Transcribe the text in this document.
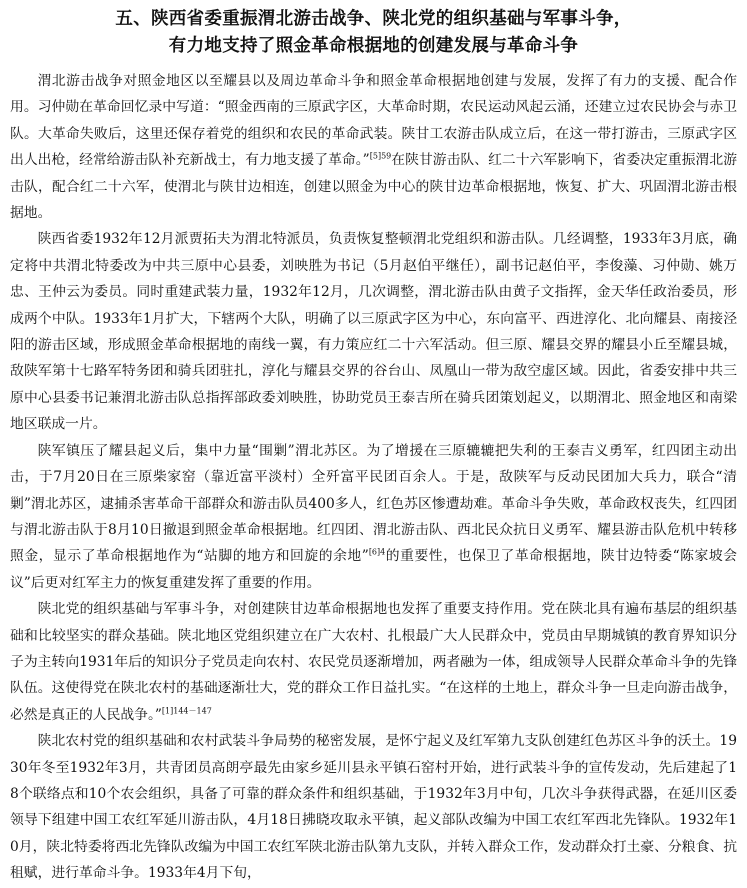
五、陕西省委重振渭北游击战争、陕北党的组织基础与军事斗争，
有力地支持了照金革命根据地的创建发展与革命斗争

渭北游击战争对照金地区以至耀县以及周边革命斗争和照金革命根据地创建与发展，发挥了有力的支援、配合作用。习仲勋在革命回忆录中写道：“照金西南的三原武字区，大革命时期，农民运动风起云涌，还建立过农民协会与赤卫队。大革命失败后，这里还保存着党的组织和农民的革命武装。陕甘工农游击队成立后，在这一带打游击，三原武字区出人出枪，经常给游击队补充新战士，有力地支援了革命。”$^{[5]59}$在陕甘游击队、红二十六军影响下，省委决定重振渭北游击队，配合红二十六军，使渭北与陕甘边相连，创建以照金为中心的陕甘边革命根据地，恢复、扩大、巩固渭北游击根据地。

陕西省委1932年12月派贾拓夫为渭北特派员，负责恢复整顿渭北党组织和游击队。几经调整，1933年3月底，确定将中共渭北特委改为中共三原中心县委，刘映胜为书记（5月赵伯平继任），副书记赵伯平，李俊藻、习仲勋、姚万忠、王仲云为委员。同时重建武装力量，1932年12月，几次调整，渭北游击队由黄子文指挥，金天华任政治委员，形成两个中队。1933年1月扩大，下辖两个大队，明确了以三原武字区为中心，东向富平、西进淳化、北向耀县、南接泾阳的游击区域，形成照金革命根据地的南线一翼，有力策应红二十六军活动。但三原、耀县交界的耀县小丘至耀县城，敌陕军第十七路军特务团和骑兵团驻扎，淳化与耀县交界的谷台山、凤凰山一带为敌空虚区域。因此，省委安排中共三原中心县委书记兼渭北游击队总指挥部政委刘映胜，协助党员王泰吉所在骑兵团策划起义，以期渭北、照金地区和南梁地区联成一片。

陕军镇压了耀县起义后，集中力量“围剿”渭北苏区。为了增援在三原辘辘把失利的王泰吉义勇军，红四团主动出击，于7月20日在三原柴家窑（靠近富平淡村）全歼富平民团百余人。于是，敌陕军与反动民团加大兵力，联合“清剿”渭北苏区，逮捕杀害革命干部群众和游击队员400多人，红色苏区惨遭劫难。革命斗争失败，革命政权丧失，红四团与渭北游击队于8月10日撤退到照金革命根据地。红四团、渭北游击队、西北民众抗日义勇军、耀县游击队危机中转移照金，显示了革命根据地作为“站脚的地方和回旋的余地”$^{[6]4}$的重要性，也保卫了革命根据地，陕甘边特委“陈家坡会议”后更对红军主力的恢复重建发挥了重要的作用。

陕北党的组织基础与军事斗争，对创建陕甘边革命根据地也发挥了重要支持作用。党在陕北具有遍布基层的组织基础和比较坚实的群众基础。陕北地区党组织建立在广大农村、扎根最广大人民群众中，党员由早期城镇的教育界知识分子为主转向1931年后的知识分子党员走向农村、农民党员逐渐增加，两者融为一体，组成领导人民群众革命斗争的先锋队伍。这使得党在陕北农村的基础逐渐壮大，党的群众工作日益扎实。“在这样的土地上，群众斗争一旦走向游击战争，必然是真正的人民战争。”$^{[1]144-147}$

陕北农村党的组织基础和农村武装斗争局势的秘密发展，是怀宁起义及红军第九支队创建红色苏区斗争的沃土。1930年冬至1932年3月，共青团员高朗亭最先由家乡延川县永平镇石窑村开始，进行武装斗争的宣传发动，先后建起了18个联络点和10个农会组织，具备了可靠的群众条件和组织基础，于1932年3月中旬，几次斗争获得武器，在延川区委领导下组建中国工农红军延川游击队，4月18日拂晓攻取永平镇，起义部队改编为中国工农红军西北先锋队。1932年10月，陕北特委将西北先锋队改编为中国工农红军陕北游击队第九支队，并转入群众工作，发动群众打土豪、分粮食、抗租赋，进行革命斗争。1933年4月下旬，
